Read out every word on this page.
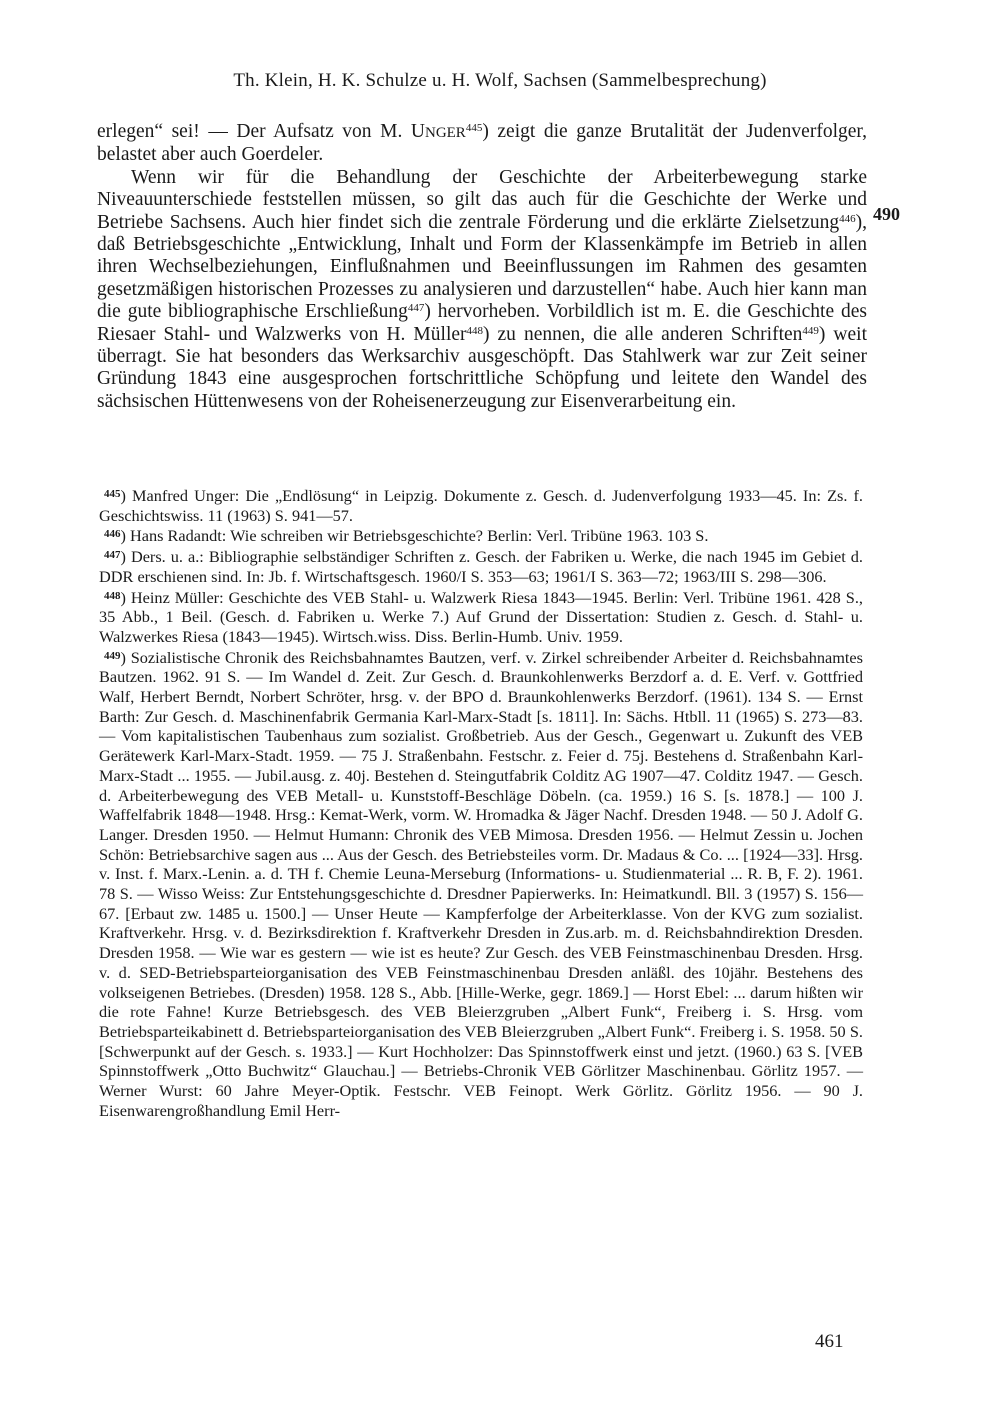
Th. Klein, H. K. Schulze u. H. Wolf, Sachsen (Sammelbesprechung)
490

erlegen“ sei! — Der Aufsatz von M. UNGER$^{445}$) zeigt die ganze Brutalität der Judenverfolger, belastet aber auch Goerdeler.

Wenn wir für die Behandlung der Geschichte der Arbeiterbewegung starke Niveauunterschiede feststellen müssen, so gilt das auch für die Geschichte der Werke und Betriebe Sachsens. Auch hier findet sich die zentrale Förderung und die erklärte Zielsetzung$^{446}$), daß Betriebsgeschichte „Entwicklung, Inhalt und Form der Klassenkämpfe im Betrieb in allen ihren Wechselbeziehungen, Einflußnahmen und Beeinflussungen im Rahmen des gesamten gesetzmäßigen historischen Prozesses zu analysieren und darzustellen“ habe. Auch hier kann man die gute bibliographische Erschließung$^{447}$) hervorheben. Vorbildlich ist m. E. die Geschichte des Riesaer Stahl- und Walzwerks von H. Müller$^{448}$) zu nennen, die alle anderen Schriften$^{449}$) weit überragt. Sie hat besonders das Werksarchiv ausgeschöpft. Das Stahlwerk war zur Zeit seiner Gründung 1843 eine ausgesprochen fortschrittliche Schöpfung und leitete den Wandel des sächsischen Hüttenwesens von der Roheisenerzeugung zur Eisenverarbeitung ein.

$^{445}$) Manfred Unger: Die „Endlösung“ in Leipzig. Dokumente z. Gesch. d. Judenverfolgung 1933—45. In: Zs. f. Geschichtswiss. 11 (1963) S. 941—57.

$^{446}$) Hans Radandt: Wie schreiben wir Betriebsgeschichte? Berlin: Verl. Tribüne 1963. 103 S.

$^{447}$) Ders. u. a.: Bibliographie selbständiger Schriften z. Gesch. der Fabriken u. Werke, die nach 1945 im Gebiet d. DDR erschienen sind. In: Jb. f. Wirtschaftsgesch. 1960/I S. 353—63; 1961/I S. 363—72; 1963/III S. 298—306.

$^{448}$) Heinz Müller: Geschichte des VEB Stahl- u. Walzwerk Riesa 1843—1945. Berlin: Verl. Tribüne 1961. 428 S., 35 Abb., 1 Beil. (Gesch. d. Fabriken u. Werke 7.) Auf Grund der Dissertation: Studien z. Gesch. d. Stahl- u. Walzwerkes Riesa (1843—1945). Wirtsch.wiss. Diss. Berlin-Humb. Univ. 1959.

$^{449}$) Sozialistische Chronik des Reichsbahnamtes Bautzen, verf. v. Zirkel schreibender Arbeiter d. Reichsbahnamtes Bautzen. 1962. 91 S. — Im Wandel d. Zeit. Zur Gesch. d. Braunkohlenwerks Berzdorf a. d. E. Verf. v. Gottfried Walf, Herbert Berndt, Norbert Schröter, hrsg. v. der BPO d. Braunkohlenwerks Berzdorf. (1961). 134 S. — Ernst Barth: Zur Gesch. d. Maschinenfabrik Germania Karl-Marx-Stadt [s. 1811]. In: Sächs. Htbll. 11 (1965) S. 273—83. — Vom kapitalistischen Taubenhaus zum sozialist. Großbetrieb. Aus der Gesch., Gegenwart u. Zukunft des VEB Gerätewerk Karl-Marx-Stadt. 1959. — 75 J. Straßenbahn. Festschr. z. Feier d. 75j. Bestehens d. Straßenbahn Karl-Marx-Stadt ... 1955. — Jubil.ausg. z. 40j. Bestehen d. Steingutfabrik Colditz AG 1907—47. Colditz 1947. — Gesch. d. Arbeiterbewegung des VEB Metall- u. Kunststoff-Beschläge Döbeln. (ca. 1959.) 16 S. [s. 1878.] — 100 J. Waffelfabrik 1848—1948. Hrsg.: Kemat-Werk, vorm. W. Hromadka & Jäger Nachf. Dresden 1948. — 50 J. Adolf G. Langer. Dresden 1950. — Helmut Humann: Chronik des VEB Mimosa. Dresden 1956. — Helmut Zessin u. Jochen Schön: Betriebsarchive sagen aus ... Aus der Gesch. des Betriebsteiles vorm. Dr. Madaus & Co. ... [1924—33]. Hrsg. v. Inst. f. Marx.-Lenin. a. d. TH f. Chemie Leuna-Merseburg (Informations- u. Studienmaterial ... R. B, F. 2). 1961. 78 S. — Wisso Weiss: Zur Entstehungsgeschichte d. Dresdner Papierwerks. In: Heimatkundl. Bll. 3 (1957) S. 156—67. [Erbaut zw. 1485 u. 1500.] — Unser Heute — Kampferfolge der Arbeiterklasse. Von der KVG zum sozialist. Kraftverkehr. Hrsg. v. d. Bezirksdirektion f. Kraftverkehr Dresden in Zus.arb. m. d. Reichsbahndirektion Dresden. Dresden 1958. — Wie war es gestern — wie ist es heute? Zur Gesch. des VEB Feinstmaschinenbau Dresden. Hrsg. v. d. SED-Betriebsparteiorganisation des VEB Feinstmaschinenbau Dresden anläßl. des 10jähr. Bestehens des volkseigenen Betriebes. (Dresden) 1958. 128 S., Abb. [Hille-Werke, gegr. 1869.] — Horst Ebel: ... darum hißten wir die rote Fahne! Kurze Betriebsgesch. des VEB Bleierzgruben „Albert Funk“, Freiberg i. S. Hrsg. vom Betriebsparteikabinett d. Betriebsparteiorganisation des VEB Bleierzgruben „Albert Funk“. Freiberg i. S. 1958. 50 S. [Schwerpunkt auf der Gesch. s. 1933.] — Kurt Hochholzer: Das Spinnstoffwerk einst und jetzt. (1960.) 63 S. [VEB Spinnstoffwerk „Otto Buchwitz“ Glauchau.] — Betriebs-Chronik VEB Görlitzer Maschinenbau. Görlitz 1957. — Werner Wurst: 60 Jahre Meyer-Optik. Festschr. VEB Feinopt. Werk Görlitz. Görlitz 1956. — 90 J. Eisenwarengroßhandlung Emil Herr-

461
